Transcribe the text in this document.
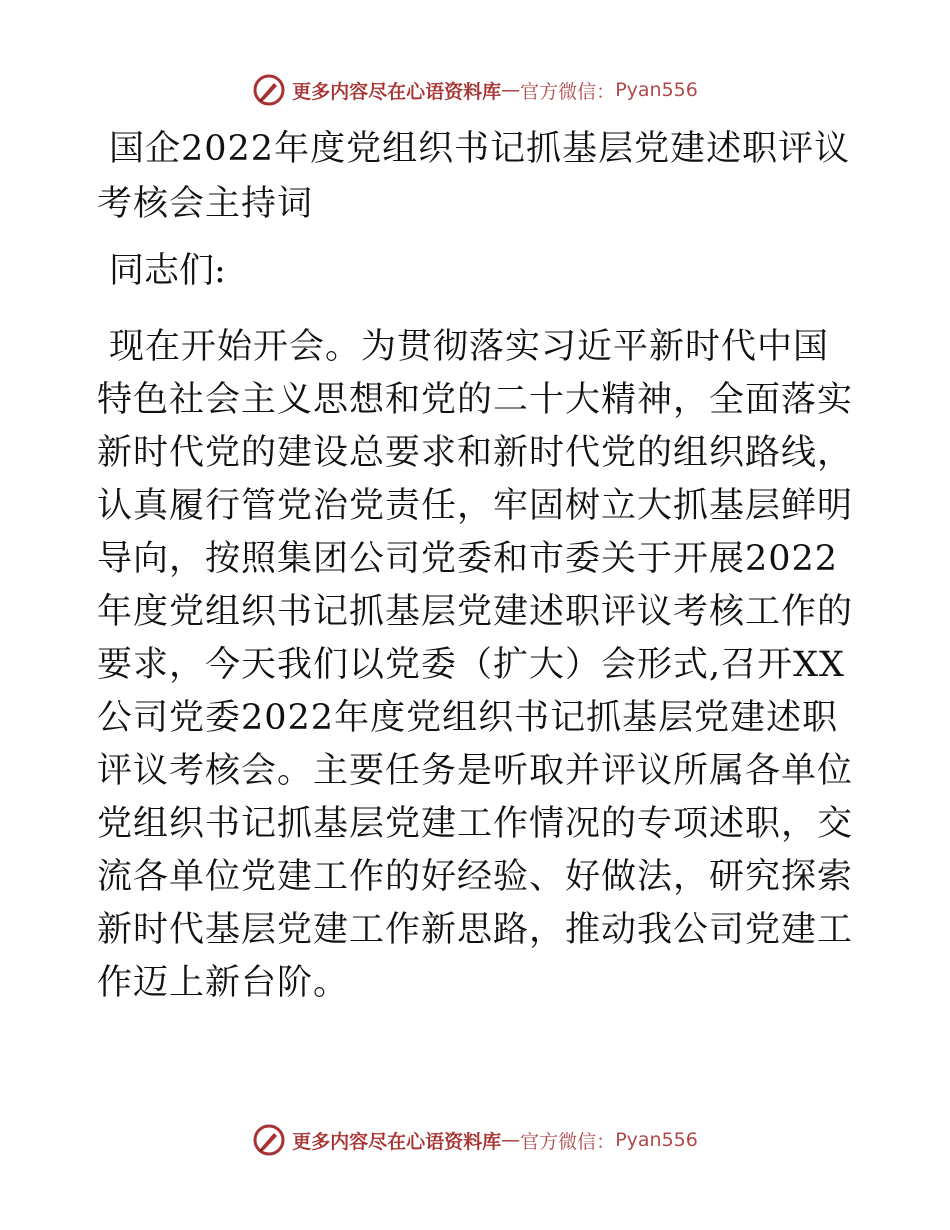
更多内容尽在心语资料库 — 官方微信： Pyan556
国企2022年度党组织书记抓基层党建述职评议考核会主持词

同志们:

现在开始开会。为贯彻落实习近平新时代中国特色社会主义思想和党的二十大精神，全面落实新时代党的建设总要求和新时代党的组织路线，认真履行管党治党责任，牢固树立大抓基层鲜明导向，按照集团公司党委和市委关于开展2022年度党组织书记抓基层党建述职评议考核工作的要求，今天我们以党委（扩大）会形式,召开XX公司党委2022年度党组织书记抓基层党建述职评议考核会。主要任务是听取并评议所属各单位党组织书记抓基层党建工作情况的专项述职，交流各单位党建工作的好经验、好做法，研究探索新时代基层党建工作新思路，推动我公司党建工作迈上新台阶。

更多内容尽在心语资料库 — 官方微信： Pyan556
